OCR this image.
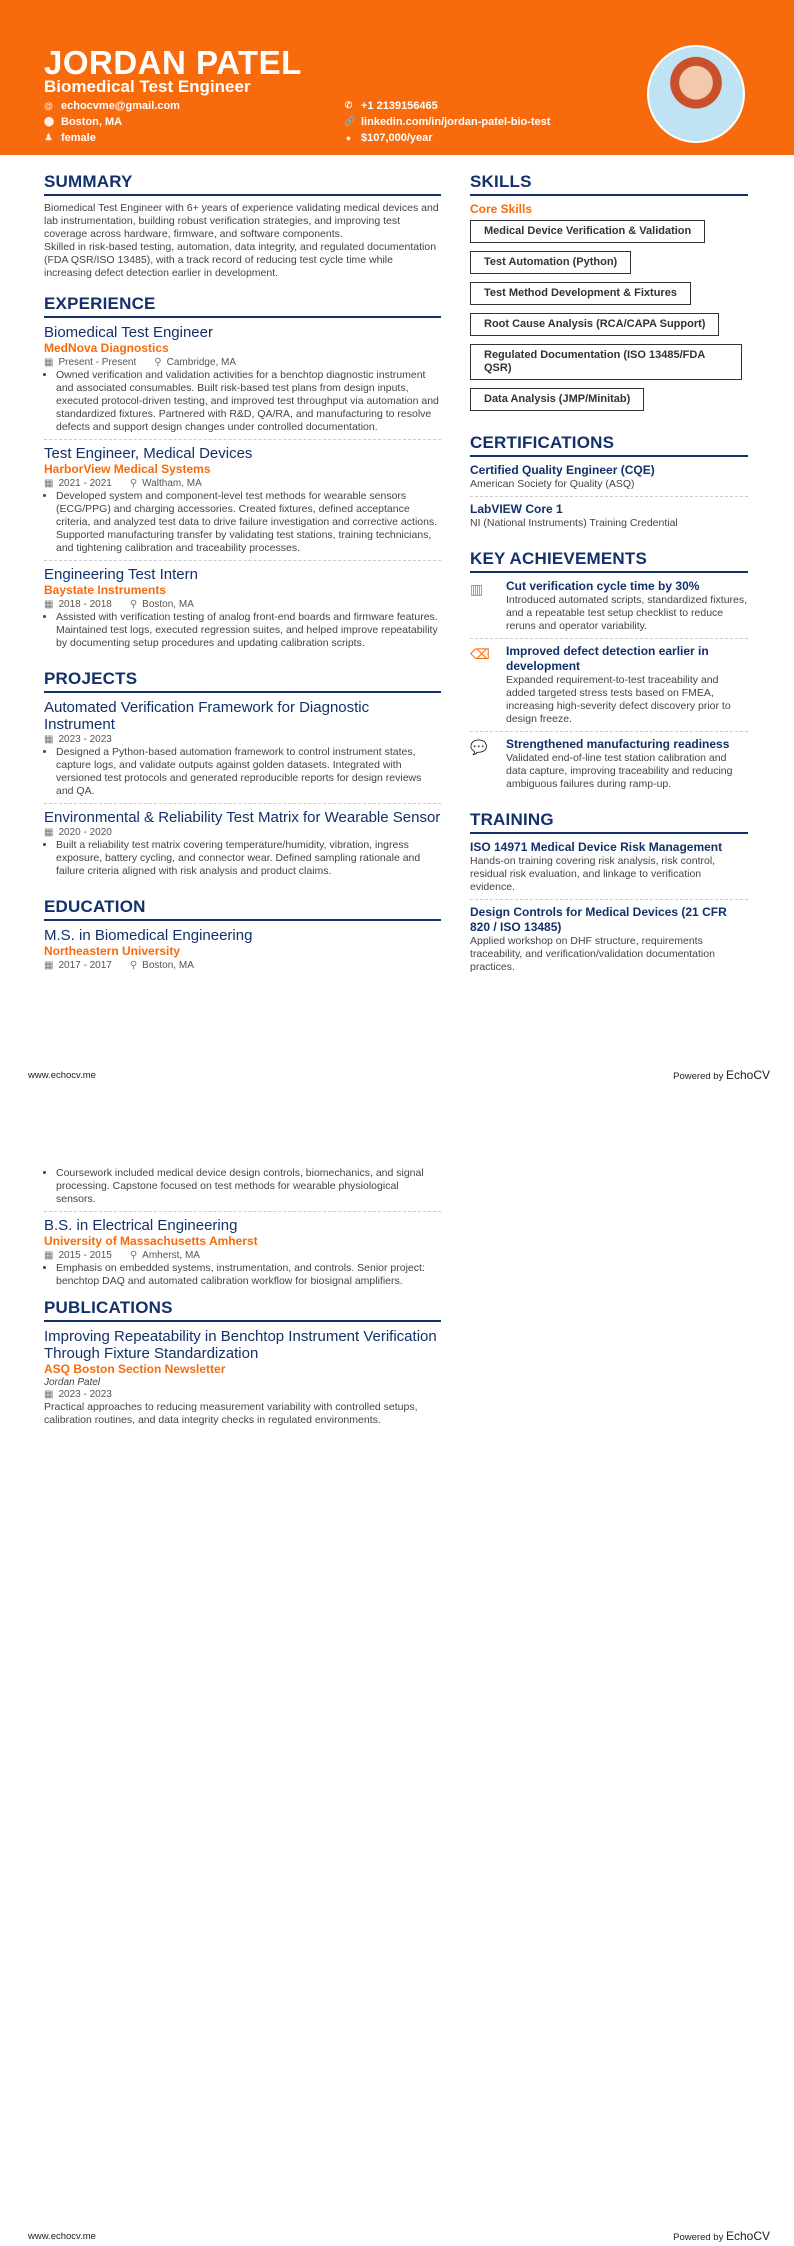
JORDAN PATEL
Biomedical Test Engineer
@ echocvme@gmail.com	✆ +1 2139156465
⬤ Boston, MA	🔗 linkedin.com/in/jordan-patel-bio-test
♟ female	● $107,000/year
SUMMARY

Biomedical Test Engineer with 6+ years of experience validating medical devices and lab instrumentation, building robust verification strategies, and improving test coverage across hardware, firmware, and software components.

Skilled in risk-based testing, automation, data integrity, and regulated documentation (FDA QSR/ISO 13485), with a track record of reducing test cycle time while increasing defect detection earlier in development.

EXPERIENCE
Biomedical Test Engineer
MedNova Diagnostics
▦ Present - Present ⚲ Cambridge, MA
• Owned verification and validation activities for a benchtop diagnostic instrument and associated consumables. Built risk-based test plans from design inputs, executed protocol-driven testing, and improved test throughput via automation and standardized fixtures. Partnered with R&D, QA/RA, and manufacturing to resolve defects and support design changes under controlled documentation.
Test Engineer, Medical Devices
HarborView Medical Systems
▦ 2021 - 2021 ⚲ Waltham, MA
• Developed system and component-level test methods for wearable sensors (ECG/PPG) and charging accessories. Created fixtures, defined acceptance criteria, and analyzed test data to drive failure investigation and corrective actions. Supported manufacturing transfer by validating test stations, training technicians, and tightening calibration and traceability processes.
Engineering Test Intern
Baystate Instruments
▦ 2018 - 2018 ⚲ Boston, MA
• Assisted with verification testing of analog front-end boards and firmware features. Maintained test logs, executed regression suites, and helped improve repeatability by documenting setup procedures and updating calibration scripts.
PROJECTS
Automated Verification Framework for Diagnostic Instrument
▦ 2023 - 2023
• Designed a Python-based automation framework to control instrument states, capture logs, and validate outputs against golden datasets. Integrated with versioned test protocols and generated reproducible reports for design reviews and QA.
Environmental & Reliability Test Matrix for Wearable Sensor
▦ 2020 - 2020
• Built a reliability test matrix covering temperature/humidity, vibration, ingress exposure, battery cycling, and connector wear. Defined sampling rationale and failure criteria aligned with risk analysis and product claims.
EDUCATION
M.S. in Biomedical Engineering
Northeastern University
▦ 2017 - 2017 ⚲ Boston, MA
SKILLS
Core Skills
Medical Device Verification & Validation
Test Automation (Python)
Test Method Development & Fixtures
Root Cause Analysis (RCA/CAPA Support)
Regulated Documentation (ISO 13485/FDA QSR)
Data Analysis (JMP/Minitab)
CERTIFICATIONS
Certified Quality Engineer (CQE)

American Society for Quality (ASQ)

LabVIEW Core 1

NI (National Instruments) Training Credential

KEY ACHIEVEMENTS
▥	Cut verification cycle time by 30%

Introduced automated scripts, standardized fixtures, and a repeatable test setup checklist to reduce reruns and operator variability.

⌫ Improved defect detection earlier in development

Expanded requirement-to-test traceability and added targeted stress tests based on FMEA, increasing high-severity defect discovery prior to design freeze.

💬	Strengthened manufacturing readiness

Validated end-of-line test station calibration and data capture, improving traceability and reducing ambiguous failures during ramp-up.

TRAINING
ISO 14971 Medical Device Risk Management

Hands-on training covering risk analysis, risk control, residual risk evaluation, and linkage to verification evidence.

Design Controls for Medical Devices (21 CFR 820 / ISO 13485)

Applied workshop on DHF structure, requirements traceability, and verification/validation documentation practices.

www.echocv.me	Powered by EchoCV
• Coursework included medical device design controls, biomechanics, and signal processing. Capstone focused on test methods for wearable physiological sensors.
B.S. in Electrical Engineering
University of Massachusetts Amherst
▦ 2015 - 2015 ⚲ Amherst, MA
• Emphasis on embedded systems, instrumentation, and controls. Senior project: benchtop DAQ and automated calibration workflow for biosignal amplifiers.
PUBLICATIONS
Improving Repeatability in Benchtop Instrument Verification Through Fixture Standardization
ASQ Boston Section Newsletter
Jordan Patel
▦ 2023 - 2023

Practical approaches to reducing measurement variability with controlled setups, calibration routines, and data integrity checks in regulated environments.

www.echocv.me	Powered by EchoCV
